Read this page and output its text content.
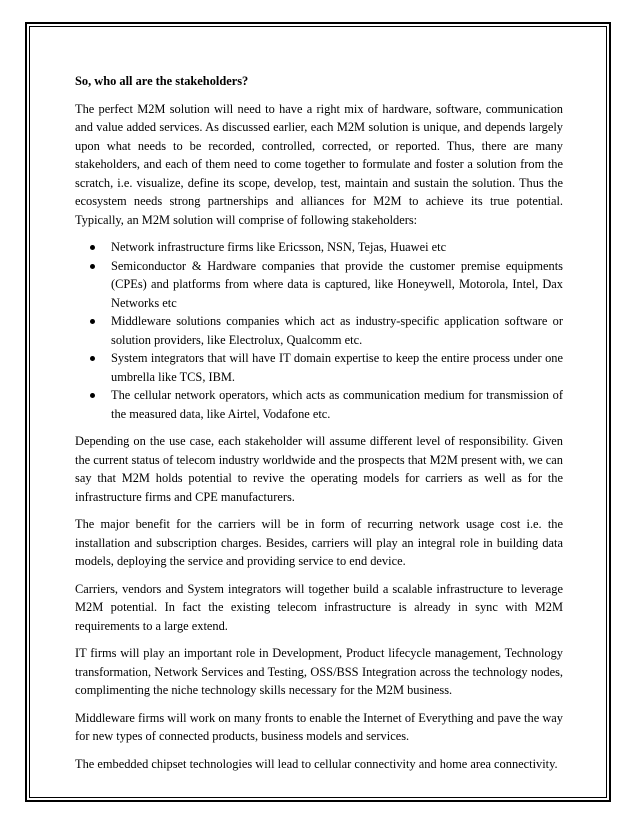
So, who all are the stakeholders?

The perfect M2M solution will need to have a right mix of hardware, software, communication and value added services. As discussed earlier, each M2M solution is unique, and depends largely upon what needs to be recorded, controlled, corrected, or reported. Thus, there are many stakeholders, and each of them need to come together to formulate and foster a solution from the scratch, i.e. visualize, define its scope, develop, test, maintain and sustain the solution. Thus the ecosystem needs strong partnerships and alliances for M2M to achieve its true potential. Typically, an M2M solution will comprise of following stakeholders:

Network infrastructure firms like Ericsson, NSN, Tejas, Huawei etc
Semiconductor & Hardware companies that provide the customer premise equipments (CPEs) and platforms from where data is captured, like Honeywell, Motorola, Intel, Dax Networks etc
Middleware solutions companies which act as industry-specific application software or solution providers, like Electrolux, Qualcomm etc.
System integrators that will have IT domain expertise to keep the entire process under one umbrella like TCS, IBM.
The cellular network operators, which acts as communication medium for transmission of the measured data, like Airtel, Vodafone etc.

Depending on the use case, each stakeholder will assume different level of responsibility. Given the current status of telecom industry worldwide and the prospects that M2M present with, we can say that M2M holds potential to revive the operating models for carriers as well as for the infrastructure firms and CPE manufacturers.

The major benefit for the carriers will be in form of recurring network usage cost i.e. the installation and subscription charges. Besides, carriers will play an integral role in building data models, deploying the service and providing service to end device.

Carriers, vendors and System integrators will together build a scalable infrastructure to leverage M2M potential. In fact the existing telecom infrastructure is already in sync with M2M requirements to a large extend.

IT firms will play an important role in Development, Product lifecycle management, Technology transformation, Network Services and Testing, OSS/BSS Integration across the technology nodes, complimenting the niche technology skills necessary for the M2M business.

Middleware firms will work on many fronts to enable the Internet of Everything and pave the way for new types of connected products, business models and services.

The embedded chipset technologies will lead to cellular connectivity and home area connectivity.
